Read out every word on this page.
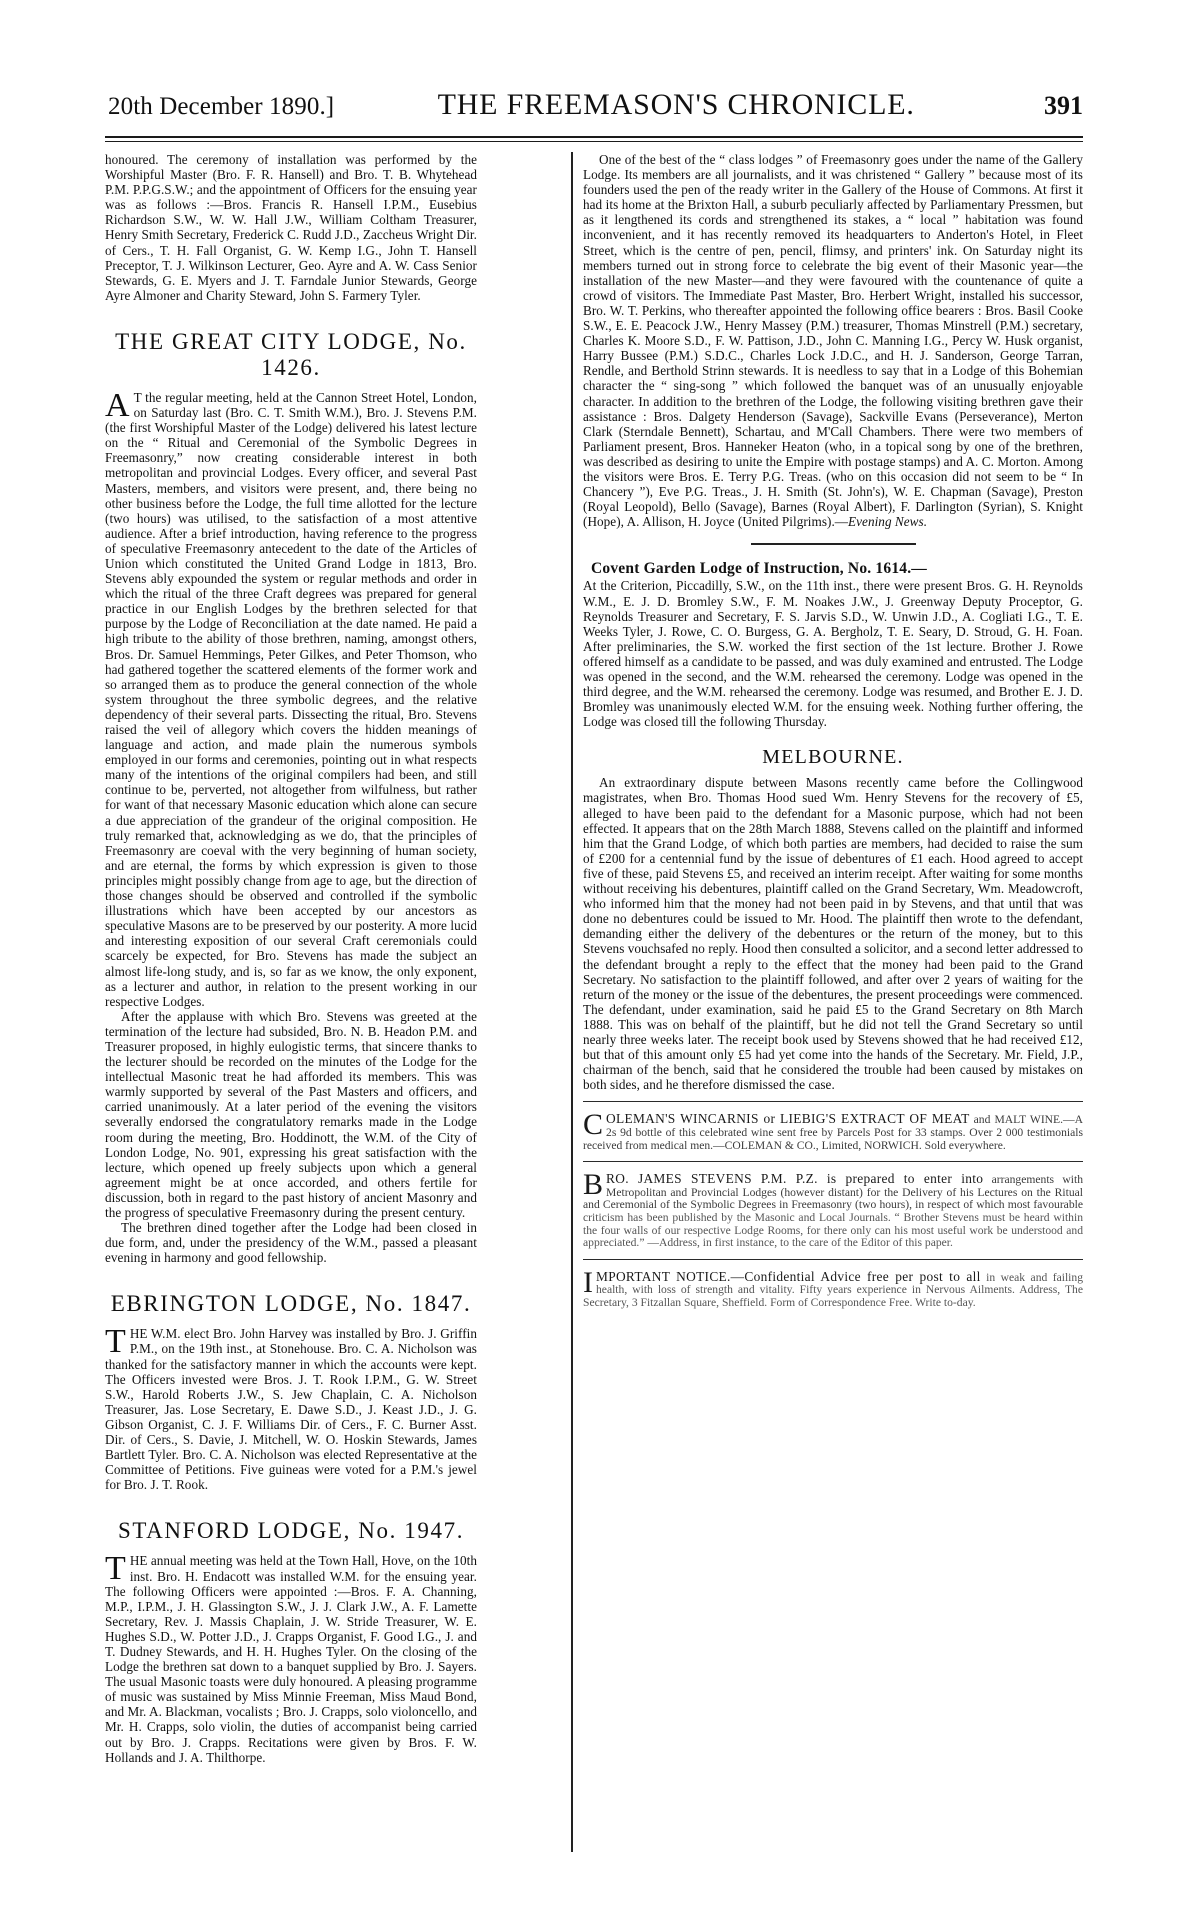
20th December 1890.]	THE FREEMASON'S CHRONICLE.	391

honoured. The ceremony of installation was performed by the Worshipful Master (Bro. F. R. Hansell) and Bro. T. B. Whytehead P.M. P.P.G.S.W.; and the appointment of Officers for the ensuing year was as follows :—Bros. Francis R. Hansell I.P.M., Eusebius Richardson S.W., W. W. Hall J.W., William Coltham Treasurer, Henry Smith Secretary, Frederick C. Rudd J.D., Zaccheus Wright Dir. of Cers., T. H. Fall Organist, G. W. Kemp I.G., John T. Hansell Preceptor, T. J. Wilkinson Lecturer, Geo. Ayre and A. W. Cass Senior Stewards, G. E. Myers and J. T. Farndale Junior Stewards, George Ayre Almoner and Charity Steward, John S. Farmery Tyler.

THE GREAT CITY LODGE, No. 1426.

A T the regular meeting, held at the Cannon Street Hotel, London, on Saturday last (Bro. C. T. Smith W.M.), Bro. J. Stevens P.M. (the first Worshipful Master of the Lodge) delivered his latest lecture on the “ Ritual and Ceremonial of the Symbolic Degrees in Freemasonry,” now creating considerable interest in both metropolitan and provincial Lodges. Every officer, and several Past Masters, members, and visitors were present, and, there being no other business before the Lodge, the full time allotted for the lecture (two hours) was utilised, to the satisfaction of a most attentive audience. After a brief introduction, having reference to the progress of speculative Freemasonry antecedent to the date of the Articles of Union which constituted the United Grand Lodge in 1813, Bro. Stevens ably expounded the system or regular methods and order in which the ritual of the three Craft degrees was prepared for general practice in our English Lodges by the brethren selected for that purpose by the Lodge of Reconciliation at the date named. He paid a high tribute to the ability of those brethren, naming, amongst others, Bros. Dr. Samuel Hemmings, Peter Gilkes, and Peter Thomson, who had gathered together the scattered elements of the former work and so arranged them as to produce the general connection of the whole system throughout the three symbolic degrees, and the relative dependency of their several parts. Dissecting the ritual, Bro. Stevens raised the veil of allegory which covers the hidden meanings of language and action, and made plain the numerous symbols employed in our forms and ceremonies, pointing out in what respects many of the intentions of the original compilers had been, and still continue to be, perverted, not altogether from wilfulness, but rather for want of that necessary Masonic education which alone can secure a due appreciation of the grandeur of the original composition. He truly remarked that, acknowledging as we do, that the principles of Freemasonry are coeval with the very beginning of human society, and are eternal, the forms by which expression is given to those principles might possibly change from age to age, but the direction of those changes should be observed and controlled if the symbolic illustrations which have been accepted by our ancestors as speculative Masons are to be preserved by our posterity. A more lucid and interesting exposition of our several Craft ceremonials could scarcely be expected, for Bro. Stevens has made the subject an almost life-long study, and is, so far as we know, the only exponent, as a lecturer and author, in relation to the present working in our respective Lodges.

After the applause with which Bro. Stevens was greeted at the termination of the lecture had subsided, Bro. N. B. Headon P.M. and Treasurer proposed, in highly eulogistic terms, that sincere thanks to the lecturer should be recorded on the minutes of the Lodge for the intellectual Masonic treat he had afforded its members. This was warmly supported by several of the Past Masters and officers, and carried unanimously. At a later period of the evening the visitors severally endorsed the congratulatory remarks made in the Lodge room during the meeting, Bro. Hoddinott, the W.M. of the City of London Lodge, No. 901, expressing his great satisfaction with the lecture, which opened up freely subjects upon which a general agreement might be at once accorded, and others fertile for discussion, both in regard to the past history of ancient Masonry and the progress of speculative Freemasonry during the present century.

The brethren dined together after the Lodge had been closed in due form, and, under the presidency of the W.M., passed a pleasant evening in harmony and good fellowship.

EBRINGTON LODGE, No. 1847.

THE W.M. elect Bro. John Harvey was installed by Bro. J. Griffin P.M., on the 19th inst., at Stonehouse. Bro. C. A. Nicholson was thanked for the satisfactory manner in which the accounts were kept. The Officers invested were Bros. J. T. Rook I.P.M., G. W. Street S.W., Harold Roberts J.W., S. Jew Chaplain, C. A. Nicholson Treasurer, Jas. Lose Secretary, E. Dawe S.D., J. Keast J.D., J. G. Gibson Organist, C. J. F. Williams Dir. of Cers., F. C. Burner Asst. Dir. of Cers., S. Davie, J. Mitchell, W. O. Hoskin Stewards, James Bartlett Tyler. Bro. C. A. Nicholson was elected Representative at the Committee of Petitions. Five guineas were voted for a P.M.'s jewel for Bro. J. T. Rook.

STANFORD LODGE, No. 1947.

THE annual meeting was held at the Town Hall, Hove, on the 10th inst. Bro. H. Endacott was installed W.M. for the ensuing year. The following Officers were appointed :—Bros. F. A. Channing, M.P., I.P.M., J. H. Glassington S.W., J. J. Clark J.W., A. F. Lamette Secretary, Rev. J. Massis Chaplain, J. W. Stride Treasurer, W. E. Hughes S.D., W. Potter J.D., J. Crapps Organist, F. Good I.G., J. and T. Dudney Stewards, and H. H. Hughes Tyler. On the closing of the Lodge the brethren sat down to a banquet supplied by Bro. J. Sayers. The usual Masonic toasts were duly honoured. A pleasing programme of music was sustained by Miss Minnie Freeman, Miss Maud Bond, and Mr. A. Blackman, vocalists ; Bro. J. Crapps, solo violoncello, and Mr. H. Crapps, solo violin, the duties of accompanist being carried out by Bro. J. Crapps. Recitations were given by Bros. F. W. Hollands and J. A. Thilthorpe.

One of the best of the “ class lodges ” of Freemasonry goes under the name of the Gallery Lodge. Its members are all journalists, and it was christened “ Gallery ” because most of its founders used the pen of the ready writer in the Gallery of the House of Commons. At first it had its home at the Brixton Hall, a suburb peculiarly affected by Parliamentary Pressmen, but as it lengthened its cords and strengthened its stakes, a “ local ” habitation was found inconvenient, and it has recently removed its headquarters to Anderton's Hotel, in Fleet Street, which is the centre of pen, pencil, flimsy, and printers' ink. On Saturday night its members turned out in strong force to celebrate the big event of their Masonic year—the installation of the new Master—and they were favoured with the countenance of quite a crowd of visitors. The Immediate Past Master, Bro. Herbert Wright, installed his successor, Bro. W. T. Perkins, who thereafter appointed the following office bearers : Bros. Basil Cooke S.W., E. E. Peacock J.W., Henry Massey (P.M.) treasurer, Thomas Minstrell (P.M.) secretary, Charles K. Moore S.D., F. W. Pattison, J.D., John C. Manning I.G., Percy W. Husk organist, Harry Bussee (P.M.) S.D.C., Charles Lock J.D.C., and H. J. Sanderson, George Tarran, Rendle, and Berthold Strinn stewards. It is needless to say that in a Lodge of this Bohemian character the “ sing-song ” which followed the banquet was of an unusually enjoyable character. In addition to the brethren of the Lodge, the following visiting brethren gave their assistance : Bros. Dalgety Henderson (Savage), Sackville Evans (Perseverance), Merton Clark (Sterndale Bennett), Schartau, and M'Call Chambers. There were two members of Parliament present, Bros. Hanneker Heaton (who, in a topical song by one of the brethren, was described as desiring to unite the Empire with postage stamps) and A. C. Morton. Among the visitors were Bros. E. Terry P.G. Treas. (who on this occasion did not seem to be “ In Chancery ”), Eve P.G. Treas., J. H. Smith (St. John's), W. E. Chapman (Savage), Preston (Royal Leopold), Bello (Savage), Barnes (Royal Albert), F. Darlington (Syrian), S. Knight (Hope), A. Allison, H. Joyce (United Pilgrims).—Evening News.

Covent Garden Lodge of Instruction, No. 1614.—

At the Criterion, Piccadilly, S.W., on the 11th inst., there were present Bros. G. H. Reynolds W.M., E. J. D. Bromley S.W., F. M. Noakes J.W., J. Greenway Deputy Proceptor, G. Reynolds Treasurer and Secretary, F. S. Jarvis S.D., W. Unwin J.D., A. Cogliati I.G., T. E. Weeks Tyler, J. Rowe, C. O. Burgess, G. A. Bergholz, T. E. Seary, D. Stroud, G. H. Foan. After preliminaries, the S.W. worked the first section of the 1st lecture. Brother J. Rowe offered himself as a candidate to be passed, and was duly examined and entrusted. The Lodge was opened in the second, and the W.M. rehearsed the ceremony. Lodge was opened in the third degree, and the W.M. rehearsed the ceremony. Lodge was resumed, and Brother E. J. D. Bromley was unanimously elected W.M. for the ensuing week. Nothing further offering, the Lodge was closed till the following Thursday.

MELBOURNE.

An extraordinary dispute between Masons recently came before the Collingwood magistrates, when Bro. Thomas Hood sued Wm. Henry Stevens for the recovery of £5, alleged to have been paid to the defendant for a Masonic purpose, which had not been effected. It appears that on the 28th March 1888, Stevens called on the plaintiff and informed him that the Grand Lodge, of which both parties are members, had decided to raise the sum of £200 for a centennial fund by the issue of debentures of £1 each. Hood agreed to accept five of these, paid Stevens £5, and received an interim receipt. After waiting for some months without receiving his debentures, plaintiff called on the Grand Secretary, Wm. Meadowcroft, who informed him that the money had not been paid in by Stevens, and that until that was done no debentures could be issued to Mr. Hood. The plaintiff then wrote to the defendant, demanding either the delivery of the debentures or the return of the money, but to this Stevens vouchsafed no reply. Hood then consulted a solicitor, and a second letter addressed to the defendant brought a reply to the effect that the money had been paid to the Grand Secretary. No satisfaction to the plaintiff followed, and after over 2 years of waiting for the return of the money or the issue of the debentures, the present proceedings were commenced. The defendant, under examination, said he paid £5 to the Grand Secretary on 8th March 1888. This was on behalf of the plaintiff, but he did not tell the Grand Secretary so until nearly three weeks later. The receipt book used by Stevens showed that he had received £12, but that of this amount only £5 had yet come into the hands of the Secretary. Mr. Field, J.P., chairman of the bench, said that he considered the trouble had been caused by mistakes on both sides, and he therefore dismissed the case.

C OLEMAN'S WINCARNIS or LIEBIG'S EXTRACT OF MEAT and MALT WINE.—A 2s 9d bottle of this celebrated wine sent free by Parcels Post for 33 stamps. Over 2 000 testimonials received from medical men.—COLEMAN & CO., Limited, NORWICH. Sold everywhere.
B RO. JAMES STEVENS P.M. P.Z. is prepared to enter into arrangements with Metropolitan and Provincial Lodges (however distant) for the Delivery of his Lectures on the Ritual and Ceremonial of the Symbolic Degrees in Freemasonry (two hours), in respect of which most favourable criticism has been published by the Masonic and Local Journals. “ Brother Stevens must be heard within the four walls of our respective Lodge Rooms, for there only can his most useful work be understood and appreciated.” —Address, in first instance, to the care of the Editor of this paper.
I MPORTANT NOTICE.—Confidential Advice free per post to all in weak and failing health, with loss of strength and vitality. Fifty years experience in Nervous Ailments. Address, The Secretary, 3 Fitzallan Square, Sheffield. Form of Correspondence Free. Write to-day.
